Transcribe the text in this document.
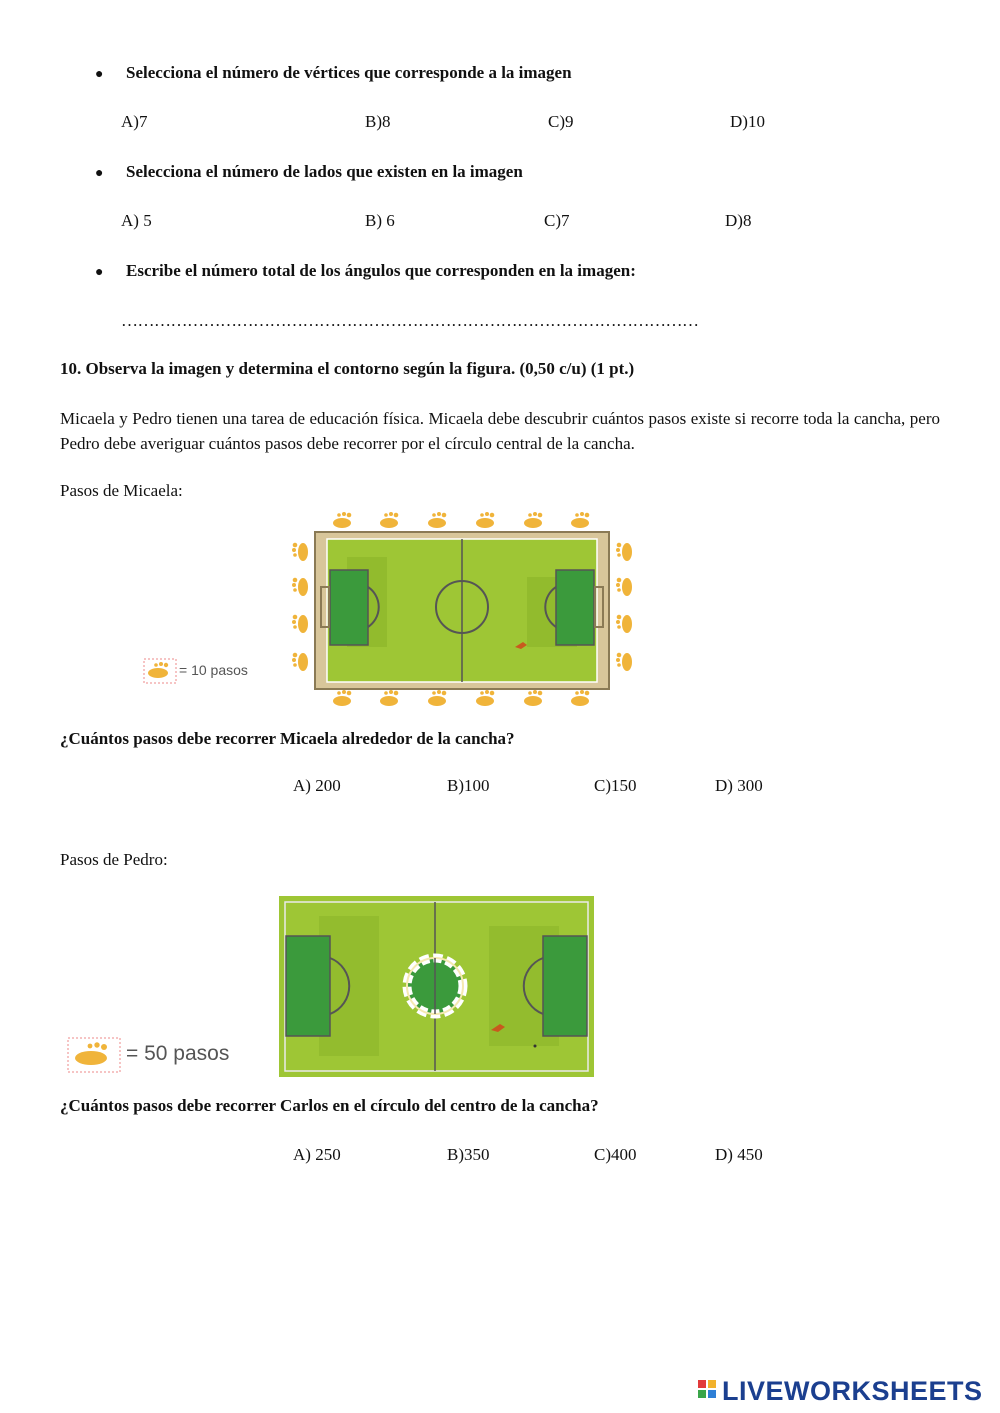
● Selecciona el número de vértices que corresponde a la imagen
A)7	B)8	C)9	D)10
● Selecciona el número de lados que existen en la imagen
A) 5	B) 6	C)7	D)8
● Escribe el número total de los ángulos que corresponden en la imagen:
……………………………………………………………………………………………
10. Observa la imagen y determina el contorno según la figura. (0,50 c/u) (1 pt.)
Micaela y Pedro tienen una tarea de educación física. Micaela debe descubrir cuántos pasos existe si recorre toda la cancha, pero Pedro debe averiguar cuántos pasos debe recorrer por el círculo central de la cancha.
Pasos de Micaela:
= 10 pasos
¿Cuántos pasos debe recorrer Micaela alrededor de la cancha?
A) 200	B)100	C)150	D) 300
Pasos de Pedro:
= 50 pasos
¿Cuántos pasos debe recorrer Carlos en el círculo del centro de la cancha?
A) 250	B)350	C)400	D) 450
LIVEWORKSHEETS
